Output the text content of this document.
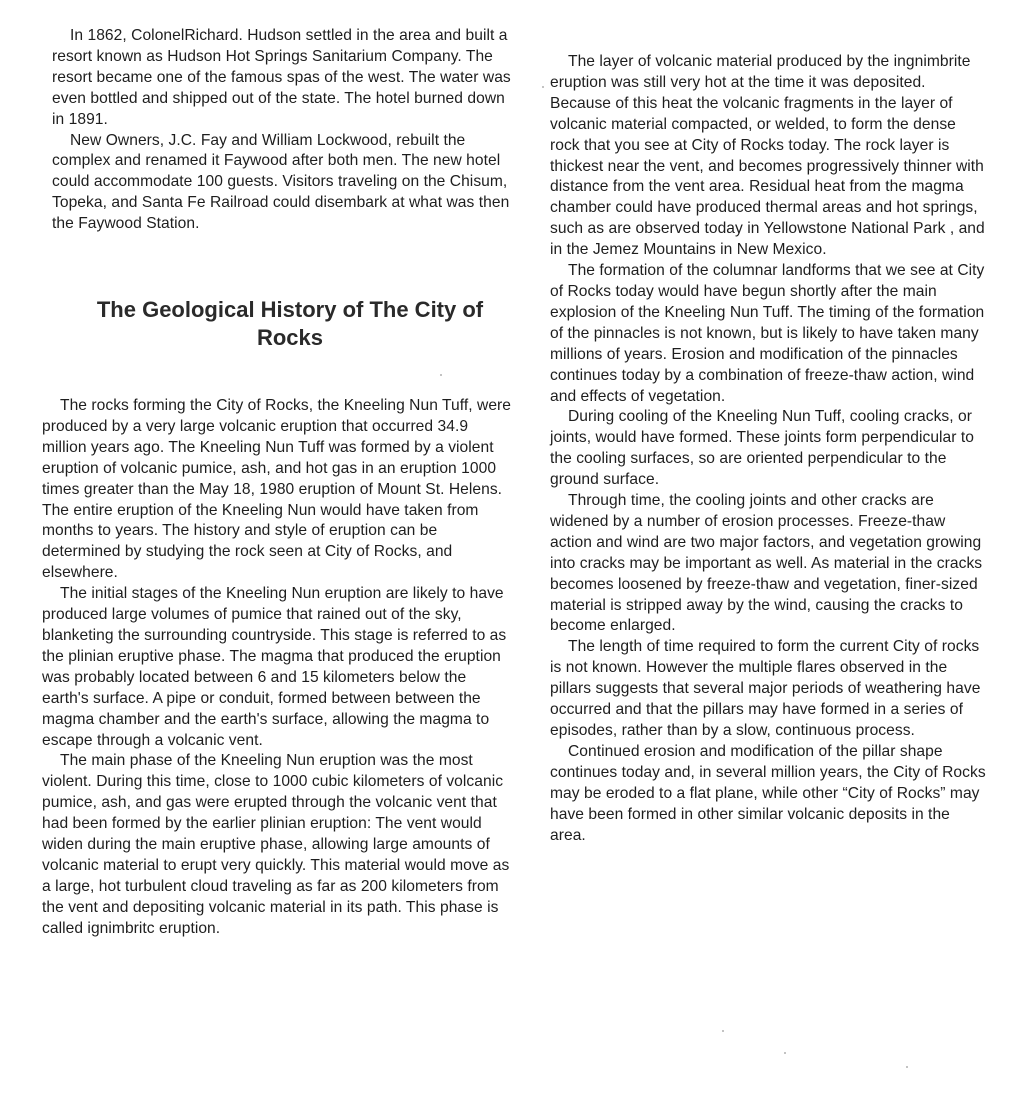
In 1862, ColonelRichard. Hudson settled in the area and built a resort known as Hudson Hot Springs Sanitarium Company. The resort became one of the famous spas of the west. The water was even bottled and shipped out of the state. The hotel burned down in 1891.

New Owners, J.C. Fay and William Lockwood, rebuilt the complex and renamed it Faywood after both men. The new hotel could accommodate 100 guests. Visitors traveling on the Chisum, Topeka, and Santa Fe Railroad could disembark at what was then the Faywood Station.

The Geological History of The City of Rocks

The rocks forming the City of Rocks, the Kneeling Nun Tuff, were produced by a very large volcanic eruption that occurred 34.9 million years ago. The Kneeling Nun Tuff was formed by a violent eruption of volcanic pumice, ash, and hot gas in an eruption 1000 times greater than the May 18, 1980 eruption of Mount St. Helens. The entire eruption of the Kneeling Nun would have taken from months to years. The history and style of eruption can be determined by studying the rock seen at City of Rocks, and elsewhere.

The initial stages of the Kneeling Nun eruption are likely to have produced large volumes of pumice that rained out of the sky, blanketing the surrounding countryside. This stage is referred to as the plinian eruptive phase. The magma that produced the eruption was probably located between 6 and 15 kilometers below the earth's surface. A pipe or conduit, formed between between the magma chamber and the earth's surface, allowing the magma to escape through a volcanic vent.

The main phase of the Kneeling Nun eruption was the most violent. During this time, close to 1000 cubic kilometers of volcanic pumice, ash, and gas were erupted through the volcanic vent that had been formed by the earlier plinian eruption: The vent would widen during the main eruptive phase, allowing large amounts of volcanic material to erupt very quickly. This material would move as a large, hot turbulent cloud traveling as far as 200 kilometers from the vent and depositing volcanic material in its path. This phase is called ignimbritc eruption.

The layer of volcanic material produced by the ingnimbrite eruption was still very hot at the time it was deposited. Because of this heat the volcanic fragments in the layer of volcanic material compacted, or welded, to form the dense rock that you see at City of Rocks today. The rock layer is thickest near the vent, and becomes progressively thinner with distance from the vent area. Residual heat from the magma chamber could have produced thermal areas and hot springs, such as are observed today in Yellowstone National Park , and in the Jemez Mountains in New Mexico.

The formation of the columnar landforms that we see at City of Rocks today would have begun shortly after the main explosion of the Kneeling Nun Tuff. The timing of the formation of the pinnacles is not known, but is likely to have taken many millions of years. Erosion and modification of the pinnacles continues today by a combination of freeze-thaw action, wind and effects of vegetation.

During cooling of the Kneeling Nun Tuff, cooling cracks, or joints, would have formed. These joints form perpendicular to the cooling surfaces, so are oriented perpendicular to the ground surface.

Through time, the cooling joints and other cracks are widened by a number of erosion processes. Freeze-thaw action and wind are two major factors, and vegetation growing into cracks may be important as well. As material in the cracks becomes loosened by freeze-thaw and vegetation, finer-sized material is stripped away by the wind, causing the cracks to become enlarged.

The length of time required to form the current City of rocks is not known. However the multiple flares observed in the pillars suggests that several major periods of weathering have occurred and that the pillars may have formed in a series of episodes, rather than by a slow, continuous process.

Continued erosion and modification of the pillar shape continues today and, in several million years, the City of Rocks may be eroded to a flat plane, while other “City of Rocks” may have been formed in other similar volcanic deposits in the area.
